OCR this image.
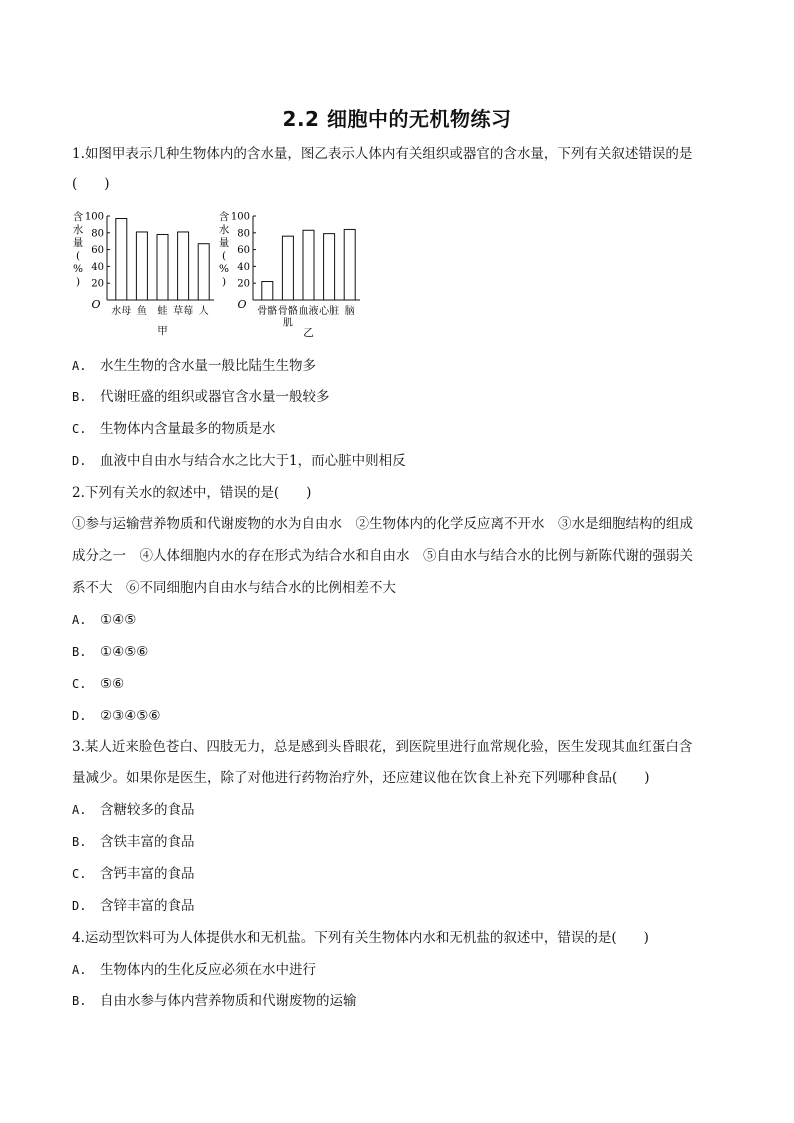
2.2 细胞中的无机物练习
1.如图甲表示几种生物体内的含水量，图乙表示人体内有关组织或器官的含水量，下列有关叙述错误的是
(　　)
含
水
量
(
%
)
100
80
60
40
20
O
水母 鱼 蛙 草莓 人
甲
含
水
量
(
%
)
100
80
60
40
20
O
骨骼 骨骼
肌
血液 心脏 脑
乙
A. 水生生物的含水量一般比陆生生物多
B. 代谢旺盛的组织或器官含水量一般较多
C. 生物体内含量最多的物质是水
D. 血液中自由水与结合水之比大于1，而心脏中则相反
2.下列有关水的叙述中，错误的是(　　)
①参与运输营养物质和代谢废物的水为自由水　②生物体内的化学反应离不开水　③水是细胞结构的组成
成分之一　④人体细胞内水的存在形式为结合水和自由水　⑤自由水与结合水的比例与新陈代谢的强弱关
系不大　⑥不同细胞内自由水与结合水的比例相差不大
A. ①④⑤
B. ①④⑤⑥
C. ⑤⑥
D. ②③④⑤⑥
3.某人近来脸色苍白、四肢无力，总是感到头昏眼花，到医院里进行血常规化验，医生发现其血红蛋白含
量减少。如果你是医生，除了对他进行药物治疗外，还应建议他在饮食上补充下列哪种食品(　　)
A. 含糖较多的食品
B. 含铁丰富的食品
C. 含钙丰富的食品
D. 含锌丰富的食品
4.运动型饮料可为人体提供水和无机盐。下列有关生物体内水和无机盐的叙述中，错误的是(　　)
A. 生物体内的生化反应必须在水中进行
B. 自由水参与体内营养物质和代谢废物的运输
